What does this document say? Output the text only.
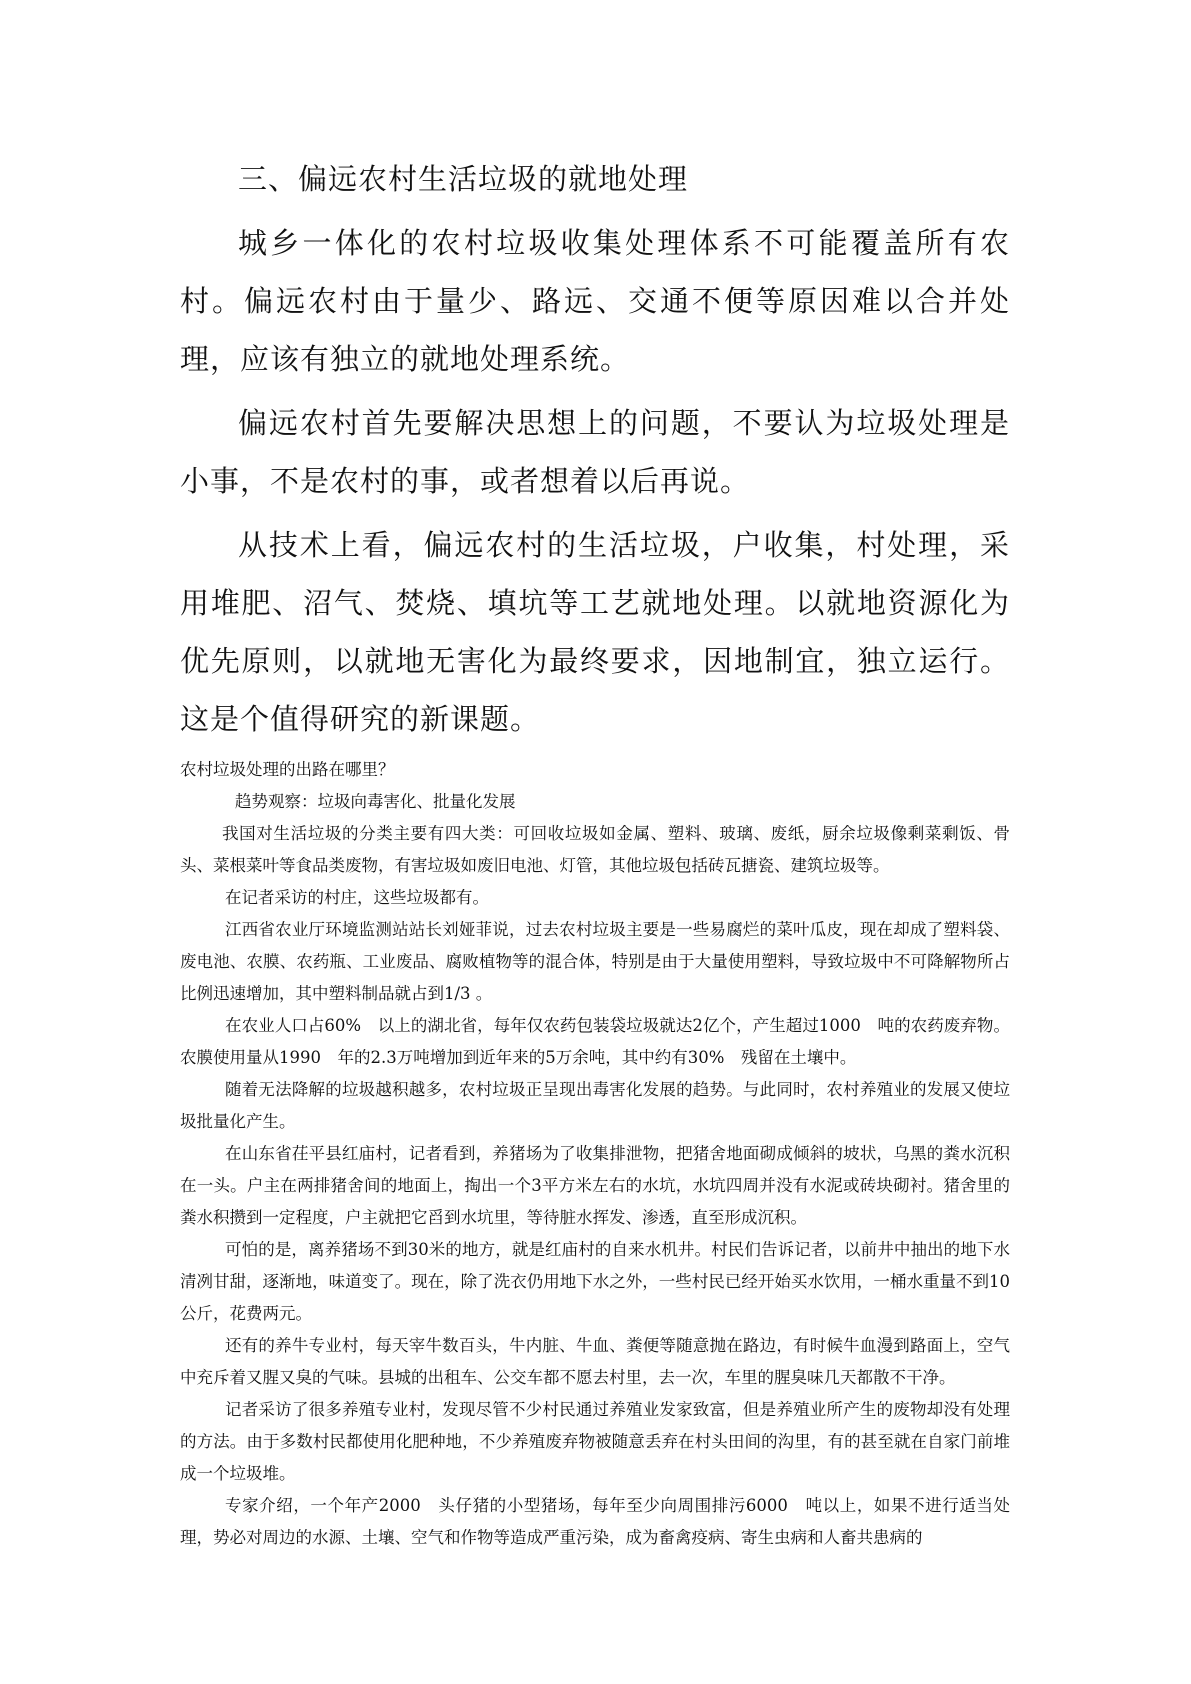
三、偏远农村生活垃圾的就地处理

城乡一体化的农村垃圾收集处理体系不可能覆盖所有农村。偏远农村由于量少、路远、交通不便等原因难以合并处理，应该有独立的就地处理系统。

偏远农村首先要解决思想上的问题，不要认为垃圾处理是小事，不是农村的事，或者想着以后再说。

从技术上看，偏远农村的生活垃圾，户收集，村处理，采用堆肥、沼气、焚烧、填坑等工艺就地处理。以就地资源化为优先原则，以就地无害化为最终要求，因地制宜，独立运行。这是个值得研究的新课题。

农村垃圾处理的出路在哪里？

趋势观察：垃圾向毒害化、批量化发展

我国对生活垃圾的分类主要有四大类：可回收垃圾如金属、塑料、玻璃、废纸，厨余垃圾像剩菜剩饭、骨头、菜根菜叶等食品类废物，有害垃圾如废旧电池、灯管，其他垃圾包括砖瓦搪瓷、建筑垃圾等。

在记者采访的村庄，这些垃圾都有。

江西省农业厅环境监测站站长刘娅菲说，过去农村垃圾主要是一些易腐烂的菜叶瓜皮，现在却成了塑料袋、废电池、农膜、农药瓶、工业废品、腐败植物等的混合体，特别是由于大量使用塑料，导致垃圾中不可降解物所占比例迅速增加，其中塑料制品就占到1/3 。

在农业人口占60%　以上的湖北省，每年仅农药包装袋垃圾就达2亿个，产生超过1000　吨的农药废弃物。农膜使用量从1990　年的2.3万吨增加到近年来的5万余吨，其中约有30%　残留在土壤中。

随着无法降解的垃圾越积越多，农村垃圾正呈现出毒害化发展的趋势。与此同时，农村养殖业的发展又使垃圾批量化产生。

在山东省茌平县红庙村，记者看到，养猪场为了收集排泄物，把猪舍地面砌成倾斜的坡状，乌黑的粪水沉积在一头。户主在两排猪舍间的地面上，掏出一个3平方米左右的水坑，水坑四周并没有水泥或砖块砌衬。猪舍里的粪水积攒到一定程度，户主就把它舀到水坑里，等待脏水挥发、渗透，直至形成沉积。

可怕的是，离养猪场不到30米的地方，就是红庙村的自来水机井。村民们告诉记者，以前井中抽出的地下水清冽甘甜，逐渐地，味道变了。现在，除了洗衣仍用地下水之外，一些村民已经开始买水饮用，一桶水重量不到10公斤，花费两元。

还有的养牛专业村，每天宰牛数百头，牛内脏、牛血、粪便等随意抛在路边，有时候牛血漫到路面上，空气中充斥着又腥又臭的气味。县城的出租车、公交车都不愿去村里，去一次，车里的腥臭味几天都散不干净。

记者采访了很多养殖专业村，发现尽管不少村民通过养殖业发家致富，但是养殖业所产生的废物却没有处理的方法。由于多数村民都使用化肥种地，不少养殖废弃物被随意丢弃在村头田间的沟里，有的甚至就在自家门前堆成一个垃圾堆。

专家介绍，一个年产2000　头仔猪的小型猪场，每年至少向周围排污6000　吨以上，如果不进行适当处理，势必对周边的水源、土壤、空气和作物等造成严重污染，成为畜禽疫病、寄生虫病和人畜共患病的
